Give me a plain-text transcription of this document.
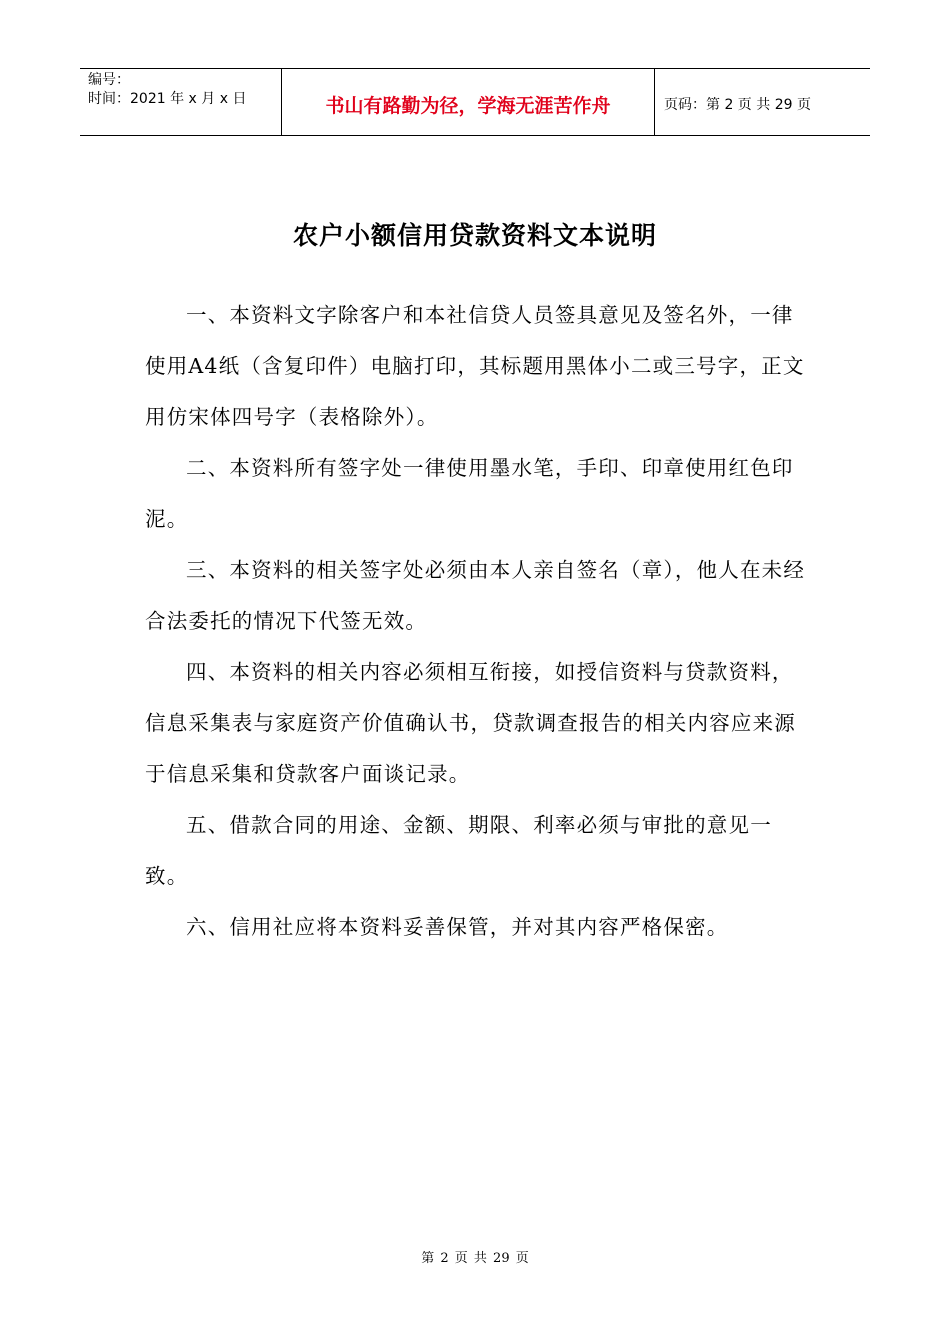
编号：
时间：2021 年 x 月 x 日	书山有路勤为径，学海无涯苦作舟	页码：第 2 页 共 29 页
农户小额信用贷款资料文本说明

一、本资料文字除客户和本社信贷人员签具意见及签名外，一律使用A4纸（含复印件）电脑打印，其标题用黑体小二或三号字，正文用仿宋体四号字（表格除外）。

二、本资料所有签字处一律使用墨水笔，手印、印章使用红色印泥。

三、本资料的相关签字处必须由本人亲自签名（章），他人在未经合法委托的情况下代签无效。

四、本资料的相关内容必须相互衔接，如授信资料与贷款资料，信息采集表与家庭资产价值确认书，贷款调查报告的相关内容应来源于信息采集和贷款客户面谈记录。

五、借款合同的用途、金额、期限、利率必须与审批的意见一致。

六、信用社应将本资料妥善保管，并对其内容严格保密。

第 2 页 共 29 页
